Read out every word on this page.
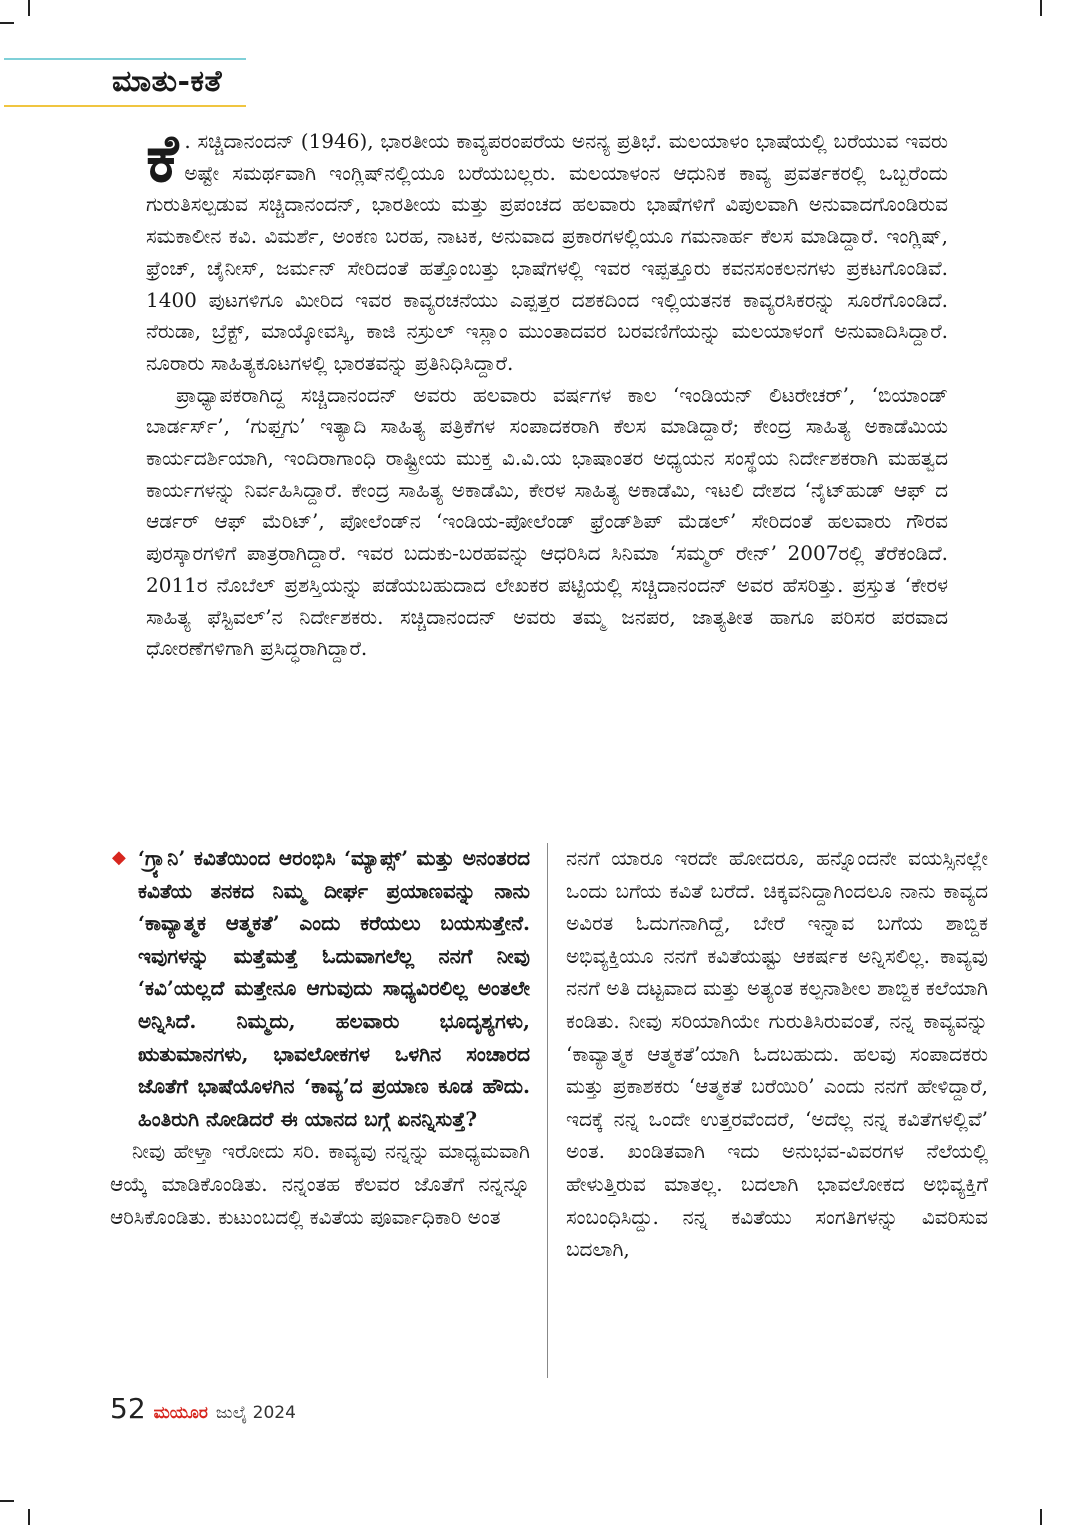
ಮಾತು-ಕತೆ

ಕೆ . ಸಚ್ಚಿದಾನಂದನ್ (1946), ಭಾರತೀಯ ಕಾವ್ಯಪರಂಪರೆಯ ಅನನ್ಯ ಪ್ರತಿಭೆ. ಮಲಯಾಳಂ ಭಾಷೆಯಲ್ಲಿ ಬರೆಯುವ ಇವರು ಅಷ್ಟೇ ಸಮರ್ಥವಾಗಿ ಇಂಗ್ಲಿಷ್‌ನಲ್ಲಿಯೂ ಬರೆಯಬಲ್ಲರು. ಮಲಯಾಳಂನ ಆಧುನಿಕ ಕಾವ್ಯ ಪ್ರವರ್ತಕರಲ್ಲಿ ಒಬ್ಬರೆಂದು ಗುರುತಿಸಲ್ಪಡುವ ಸಚ್ಚಿದಾನಂದನ್, ಭಾರತೀಯ ಮತ್ತು ಪ್ರಪಂಚದ ಹಲವಾರು ಭಾಷೆಗಳಿಗೆ ವಿಪುಲವಾಗಿ ಅನುವಾದಗೊಂಡಿರುವ ಸಮಕಾಲೀನ ಕವಿ. ವಿಮರ್ಶೆ, ಅಂಕಣ ಬರಹ, ನಾಟಕ, ಅನುವಾದ ಪ್ರಕಾರಗಳಲ್ಲಿಯೂ ಗಮನಾರ್ಹ ಕೆಲಸ ಮಾಡಿದ್ದಾರೆ. ಇಂಗ್ಲಿಷ್, ಫ್ರೆಂಚ್, ಚೈನೀಸ್, ಜರ್ಮನ್ ಸೇರಿದಂತೆ ಹತ್ತೊಂಬತ್ತು ಭಾಷೆಗಳಲ್ಲಿ ಇವರ ಇಪ್ಪತ್ತೂರು ಕವನಸಂಕಲನಗಳು ಪ್ರಕಟಗೊಂಡಿವೆ. 1400 ಪುಟಗಳಿಗೂ ಮೀರಿದ ಇವರ ಕಾವ್ಯರಚನೆಯು ಎಪ್ಪತ್ತರ ದಶಕದಿಂದ ಇಲ್ಲಿಯತನಕ ಕಾವ್ಯರಸಿಕರನ್ನು ಸೂರೆಗೊಂಡಿದೆ. ನೆರುಡಾ, ಬ್ರೆಕ್ಟ್, ಮಾಯ್ಕೋವಸ್ಕಿ, ಕಾಜಿ ನಸ್ರುಲ್ ಇಸ್ಲಾಂ ಮುಂತಾದವರ ಬರವಣಿಗೆಯನ್ನು ಮಲಯಾಳಂಗೆ ಅನುವಾದಿಸಿದ್ದಾರೆ. ನೂರಾರು ಸಾಹಿತ್ಯಕೂಟಗಳಲ್ಲಿ ಭಾರತವನ್ನು ಪ್ರತಿನಿಧಿಸಿದ್ದಾರೆ.

ಪ್ರಾಧ್ಯಾಪಕರಾಗಿದ್ದ ಸಚ್ಚಿದಾನಂದನ್ ಅವರು ಹಲವಾರು ವರ್ಷಗಳ ಕಾಲ ‘ಇಂಡಿಯನ್ ಲಿಟರೇಚರ್’, ‘ಬಿಯಾಂಡ್ ಬಾರ್ಡರ್ಸ್’, ‘ಗುಫ್ತಗು’ ಇತ್ಯಾದಿ ಸಾಹಿತ್ಯ ಪತ್ರಿಕೆಗಳ ಸಂಪಾದಕರಾಗಿ ಕೆಲಸ ಮಾಡಿದ್ದಾರೆ; ಕೇಂದ್ರ ಸಾಹಿತ್ಯ ಅಕಾಡೆಮಿಯ ಕಾರ್ಯದರ್ಶಿಯಾಗಿ, ಇಂದಿರಾಗಾಂಧಿ ರಾಷ್ಟ್ರೀಯ ಮುಕ್ತ ವಿ.ವಿ.ಯ ಭಾಷಾಂತರ ಅಧ್ಯಯನ ಸಂಸ್ಥೆಯ ನಿರ್ದೇಶಕರಾಗಿ ಮಹತ್ವದ ಕಾರ್ಯಗಳನ್ನು ನಿರ್ವಹಿಸಿದ್ದಾರೆ. ಕೇಂದ್ರ ಸಾಹಿತ್ಯ ಅಕಾಡೆಮಿ, ಕೇರಳ ಸಾಹಿತ್ಯ ಅಕಾಡೆಮಿ, ಇಟಲಿ ದೇಶದ ‘ನೈಟ್‌ಹುಡ್ ಆಫ್ ದ ಆರ್ಡರ್ ಆಫ್ ಮೆರಿಟ್’, ಪೋಲೆಂಡ್‌ನ ‘ಇಂಡಿಯ-ಪೋಲೆಂಡ್ ಫ್ರೆಂಡ್‌ಶಿಪ್ ಮೆಡಲ್’ ಸೇರಿದಂತೆ ಹಲವಾರು ಗೌರವ ಪುರಸ್ಕಾರಗಳಿಗೆ ಪಾತ್ರರಾಗಿದ್ದಾರೆ. ಇವರ ಬದುಕು-ಬರಹವನ್ನು ಆಧರಿಸಿದ ಸಿನಿಮಾ ‘ಸಮ್ಮರ್ ರೇನ್’ 2007ರಲ್ಲಿ ತೆರೆಕಂಡಿದೆ. 2011ರ ನೊಬೆಲ್ ಪ್ರಶಸ್ತಿಯನ್ನು ಪಡೆಯಬಹುದಾದ ಲೇಖಕರ ಪಟ್ಟಿಯಲ್ಲಿ ಸಚ್ಚಿದಾನಂದನ್ ಅವರ ಹೆಸರಿತ್ತು. ಪ್ರಸ್ತುತ ‘ಕೇರಳ ಸಾಹಿತ್ಯ ಫೆಸ್ಟಿವಲ್’ನ ನಿರ್ದೇಶಕರು. ಸಚ್ಚಿದಾನಂದನ್ ಅವರು ತಮ್ಮ ಜನಪರ, ಜಾತ್ಯತೀತ ಹಾಗೂ ಪರಿಸರ ಪರವಾದ ಧೋರಣೆಗಳಿಗಾಗಿ ಪ್ರಸಿದ್ಧರಾಗಿದ್ದಾರೆ.

◆ ‘ಗ್ರ್ಯಾನಿ’ ಕವಿತೆಯಿಂದ ಆರಂಭಿಸಿ ‘ಮ್ಯಾಪ್ಸ್’ ಮತ್ತು ಅನಂತರದ ಕವಿತೆಯ ತನಕದ ನಿಮ್ಮ ದೀರ್ಘ ಪ್ರಯಾಣವನ್ನು ನಾನು ‘ಕಾವ್ಯಾತ್ಮಕ ಆತ್ಮಕತೆ’ ಎಂದು ಕರೆಯಲು ಬಯಸುತ್ತೇನೆ. ಇವುಗಳನ್ನು ಮತ್ತೆಮತ್ತೆ ಓದುವಾಗಲೆಲ್ಲ ನನಗೆ ನೀವು ‘ಕವಿ’ಯಲ್ಲದೆ ಮತ್ತೇನೂ ಆಗುವುದು ಸಾಧ್ಯವಿರಲಿಲ್ಲ ಅಂತಲೇ ಅನ್ನಿಸಿದೆ. ನಿಮ್ಮದು, ಹಲವಾರು ಭೂದೃಶ್ಯಗಳು, ಋತುಮಾನಗಳು, ಭಾವಲೋಕಗಳ ಒಳಗಿನ ಸಂಚಾರದ ಜೊತೆಗೆ ಭಾಷೆಯೊಳಗಿನ ‘ಕಾವ್ಯ’ದ ಪ್ರಯಾಣ ಕೂಡ ಹೌದು. ಹಿಂತಿರುಗಿ ನೋಡಿದರೆ ಈ ಯಾನದ ಬಗ್ಗೆ ಏನನ್ನಿಸುತ್ತೆ?

ನೀವು ಹೇಳ್ತಾ ಇರೋದು ಸರಿ. ಕಾವ್ಯವು ನನ್ನನ್ನು ಮಾಧ್ಯಮವಾಗಿ ಆಯ್ಕೆ ಮಾಡಿಕೊಂಡಿತು. ನನ್ನಂತಹ ಕೆಲವರ ಜೊತೆಗೆ ನನ್ನನ್ನೂ ಆರಿಸಿಕೊಂಡಿತು. ಕುಟುಂಬದಲ್ಲಿ ಕವಿತೆಯ ಪೂರ್ವಾಧಿಕಾರಿ ಅಂತ

ನನಗೆ ಯಾರೂ ಇರದೇ ಹೋದರೂ, ಹನ್ನೊಂದನೇ ವಯಸ್ಸಿನಲ್ಲೇ ಒಂದು ಬಗೆಯ ಕವಿತೆ ಬರೆದೆ. ಚಿಕ್ಕವನಿದ್ದಾಗಿಂದಲೂ ನಾನು ಕಾವ್ಯದ ಅವಿರತ ಓದುಗನಾಗಿದ್ದೆ, ಬೇರೆ ಇನ್ನಾವ ಬಗೆಯ ಶಾಬ್ದಿಕ ಅಭಿವ್ಯಕ್ತಿಯೂ ನನಗೆ ಕವಿತೆಯಷ್ಟು ಆಕರ್ಷಕ ಅನ್ನಿಸಲಿಲ್ಲ. ಕಾವ್ಯವು ನನಗೆ ಅತಿ ದಟ್ಟವಾದ ಮತ್ತು ಅತ್ಯಂತ ಕಲ್ಪನಾಶೀಲ ಶಾಬ್ದಿಕ ಕಲೆಯಾಗಿ ಕಂಡಿತು. ನೀವು ಸರಿಯಾಗಿಯೇ ಗುರುತಿಸಿರುವಂತೆ, ನನ್ನ ಕಾವ್ಯವನ್ನು ‘ಕಾವ್ಯಾತ್ಮಕ ಆತ್ಮಕತೆ’ಯಾಗಿ ಓದಬಹುದು. ಹಲವು ಸಂಪಾದಕರು ಮತ್ತು ಪ್ರಕಾಶಕರು ‘ಆತ್ಮಕತೆ ಬರೆಯಿರಿ’ ಎಂದು ನನಗೆ ಹೇಳಿದ್ದಾರೆ, ಇದಕ್ಕೆ ನನ್ನ ಒಂದೇ ಉತ್ತರವೆಂದರೆ, ‘ಅದೆಲ್ಲ ನನ್ನ ಕವಿತೆಗಳಲ್ಲಿವೆ’ ಅಂತ. ಖಂಡಿತವಾಗಿ ಇದು ಅನುಭವ-ವಿವರಗಳ ನೆಲೆಯಲ್ಲಿ ಹೇಳುತ್ತಿರುವ ಮಾತಲ್ಲ. ಬದಲಾಗಿ ಭಾವಲೋಕದ ಅಭಿವ್ಯಕ್ತಿಗೆ ಸಂಬಂಧಿಸಿದ್ದು. ನನ್ನ ಕವಿತೆಯು ಸಂಗತಿಗಳನ್ನು ವಿವರಿಸುವ ಬದಲಾಗಿ,

52 ಮಯೂರ ಜುಲೈ 2024
